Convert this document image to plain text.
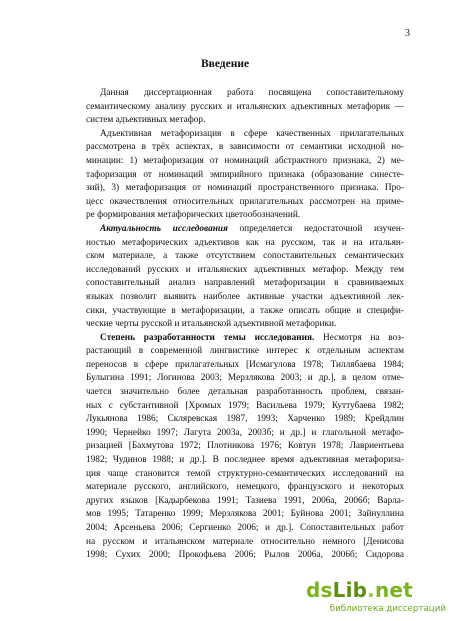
3
Введение
Данная диссертационная работа посвящена сопоставительному
семантическому анализу русских и итальянских адъективных метафорик —
систем адъективных метафор.
Адъективная метафоризация в сфере качественных прилагательных
рассмотрена в трёх аспектах, в зависимости от семантики исходной но-
минации: 1) метафоризация от номинаций абстрактного признака, 2) ме-
тафоризация от номинаций эмпирийного признака (образование синесте-
зий), 3) метафоризация от номинаций пространственного признака. Про-
цесс окачествления относительных прилагательных рассмотрен на приме-
ре формирования метафорических цветообозначений.
Актуальность исследования определяется недостаточной изучен-
ностью метафорических адъективов как на русском, так и на итальян-
ском материале, а также отсутствием сопоставительных семантических
исследований русских и итальянских адъективных метафор. Между тем
сопоставительный анализ направлений метафоризации в сравниваемых
языках позволит выявить наиболее активные участки адъективной лек-
сики, участвующие в метафоризации, а также описать общие и специфи-
ческие черты русской и итальянской адъективной метафорики.
Степень разработанности темы исследования. Несмотря на воз-
растающий в современной лингвистике интерес к отдельным аспектам
переносов в сфере прилагательных [Исмагулова 1978; Тиллябаева 1984;
Булыгина 1991; Логинова 2003; Мерзлякова 2003; и др.], в целом отме-
чается значительно более детальная разработанность проблем, связан-
ных с субстантивной [Хромых 1979; Васильева 1979; Куттубаева 1982;
Лукьянова 1986; Скляревская 1987, 1993; Харченко 1989; Крейдлин
1990; Чернейко 1997; Лагута 2003а, 2003б; и др.] и глагольной метафо-
ризацией [Бахмутова 1972; Плотникова 1976; Ковтун 1978; Лавриентьева
1982; Чудинов 1988; и др.]. В последнее время адъективная метафориза-
ция чаще становится темой структурно-семантических исследований на
материале русского, английского, немецкого, французского и некоторых
других языков [Кадырбекова 1991; Тазиева 1991, 2006а, 2006б; Варла-
мов 1995; Татаренко 1999; Мерзлякова 2001; Буйнова 2001; Зайнуллина
2004; Арсеньева 2006; Сергиенко 2006; и др.]. Сопоставительных работ
на русском и итальянском материале относительно немного [Денисова
1998; Сухих 2000; Прокофьева 2006; Рылов 2006а, 2006б; Сидорова
dsLib.net
библиотека диссертаций
